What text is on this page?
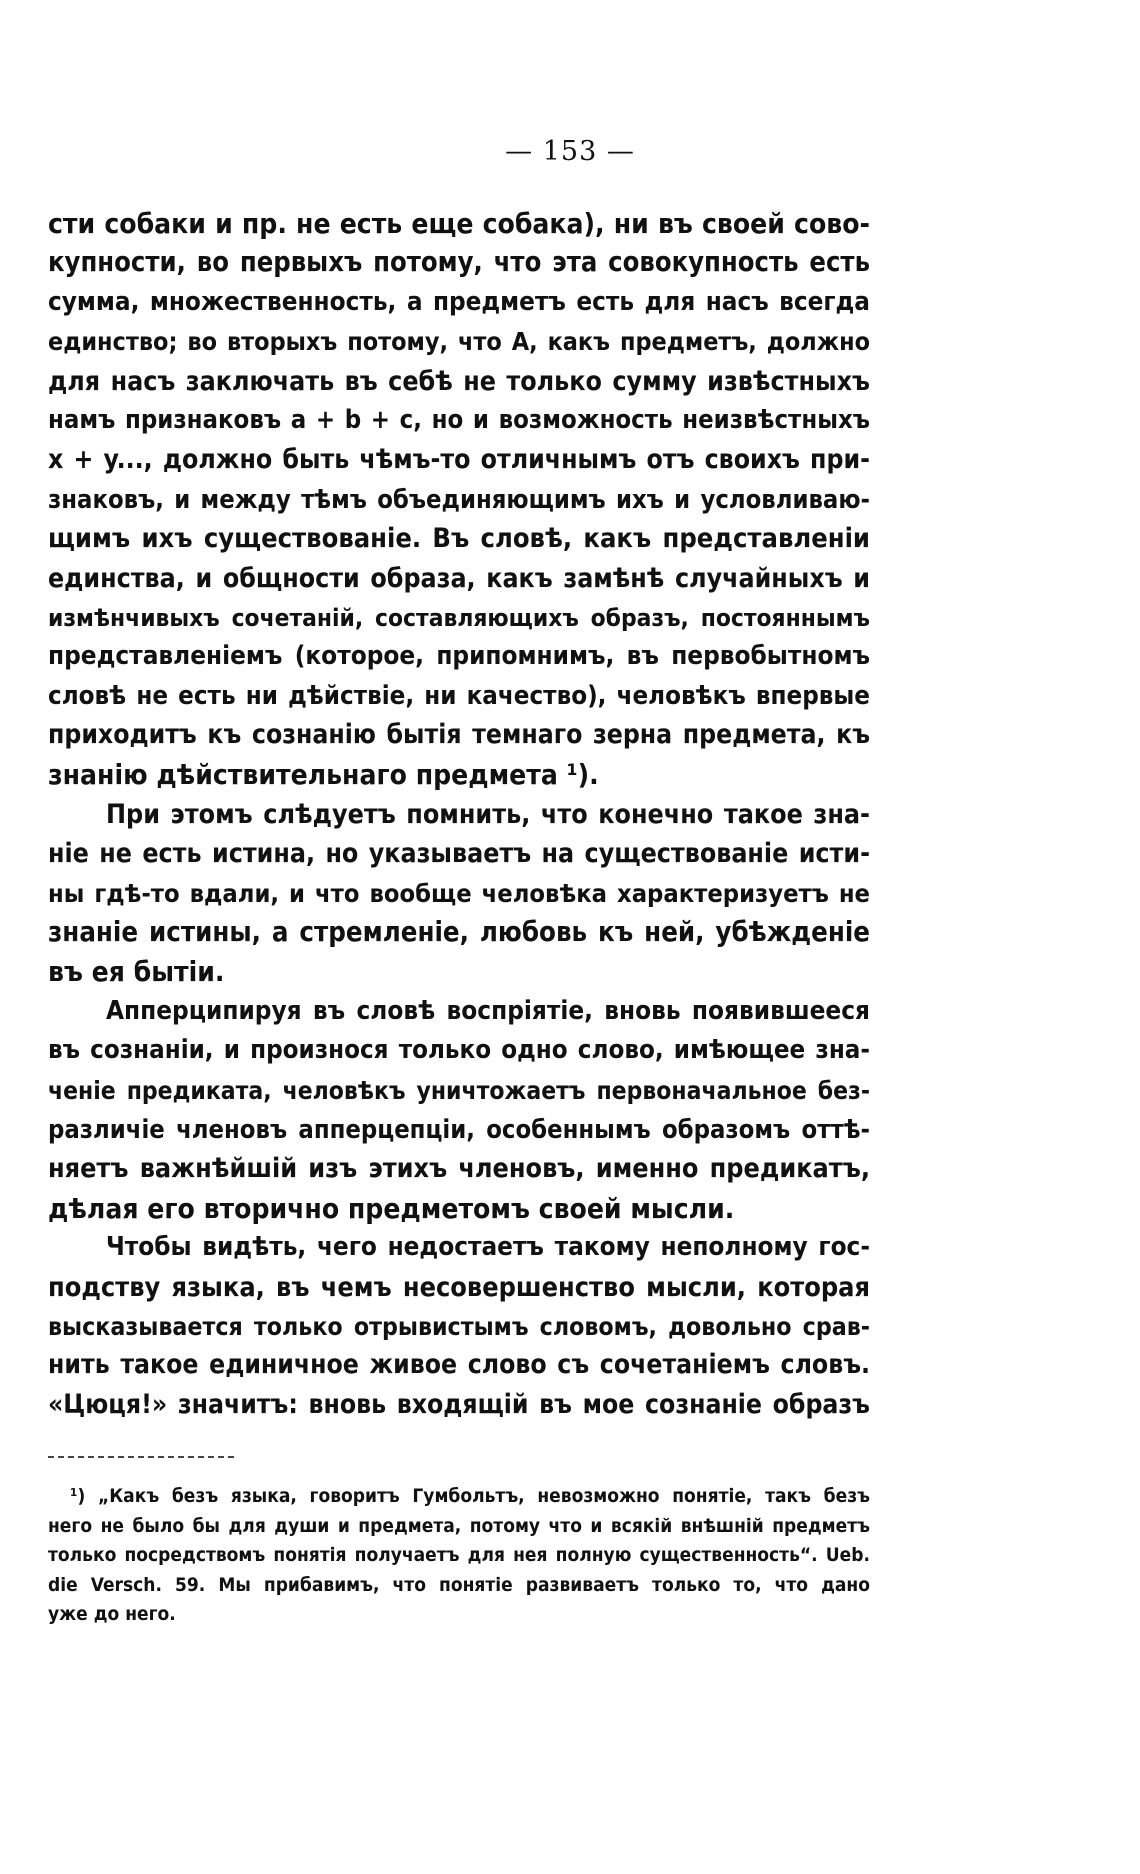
— 153 —
сти собаки и пр. не есть еще собака), ни въ своей сово-
купности, во первыхъ потому, что эта совокупность есть
сумма, множественность, а предметъ есть для насъ всегда
единство; во вторыхъ потому, что А, какъ предметъ, должно
для насъ заключать въ себѣ не только сумму извѣстныхъ
намъ признаковъ a + b + c, но и возможность неизвѣстныхъ
x + y..., должно быть чѣмъ-то отличнымъ отъ своихъ при-
знаковъ, и между тѣмъ объединяющимъ ихъ и условливаю-
щимъ ихъ существованіе. Въ словѣ, какъ представленіи
единства, и общности образа, какъ замѣнѣ случайныхъ и
измѣнчивыхъ сочетаній, составляющихъ образъ, постояннымъ
представленіемъ (которое, припомнимъ, въ первобытномъ
словѣ не есть ни дѣйствіе, ни качество), человѣкъ впервые
приходитъ къ сознанію бытія темнаго зерна предмета, къ
знанію дѣйствительнаго предмета ¹).
При этомъ слѣдуетъ помнить, что конечно такое зна-
ніе не есть истина, но указываетъ на существованіе исти-
ны гдѣ-то вдали, и что вообще человѣка характеризуетъ не
знаніе истины, а стремленіе, любовь къ ней, убѣжденіе
въ ея бытіи.
Апперципируя въ словѣ воспріятіе, вновь появившееся
въ сознаніи, и произнося только одно слово, имѣющее зна-
ченіе предиката, человѣкъ уничтожаетъ первоначальное без-
различіе членовъ апперцепціи, особеннымъ образомъ оттѣ-
няетъ важнѣйшій изъ этихъ членовъ, именно предикатъ,
дѣлая его вторично предметомъ своей мысли.
Чтобы видѣть, чего недостаетъ такому неполному гос-
подству языка, въ чемъ несовершенство мысли, которая
высказывается только отрывистымъ словомъ, довольно срав-
нить такое единичное живое слово съ сочетаніемъ словъ.
«Цюця!» значитъ: вновь входящій въ мое сознаніе образъ
¹) „Какъ безъ языка, говоритъ Гумбольтъ, невозможно понятіе, такъ безъ
него не было бы для души и предмета, потому что и всякій внѣшній предметъ
только посредствомъ понятія получаетъ для нея полную существенность“. Ueb.
die Versch. 59. Мы прибавимъ, что понятіе развиваетъ только то, что дано
уже до него.
